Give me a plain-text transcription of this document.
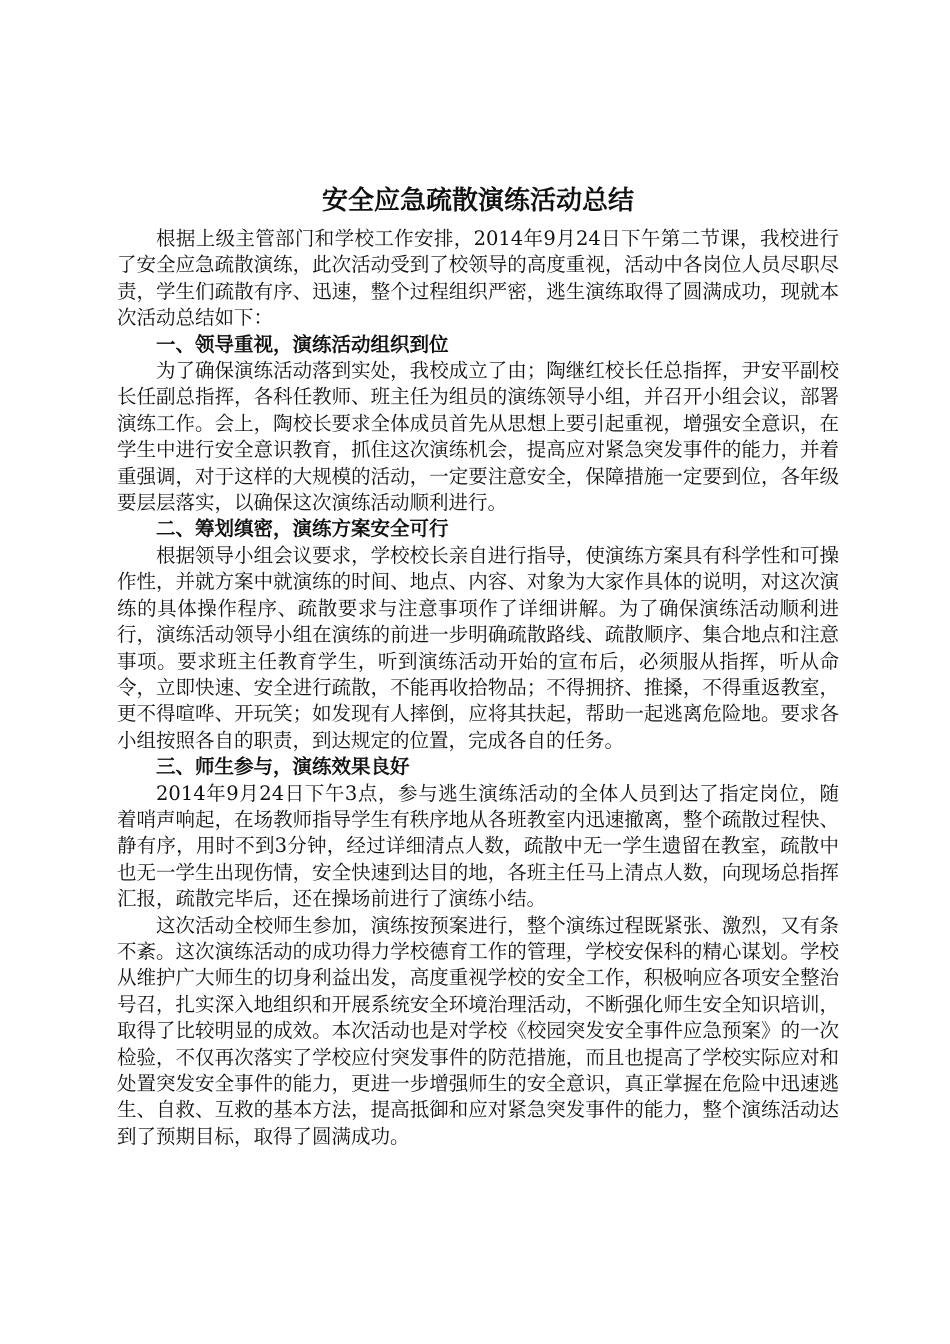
安全应急疏散演练活动总结

根据上级主管部门和学校工作安排，2014年9月24日下午第二节课，我校进行了安全应急疏散演练，此次活动受到了校领导的高度重视，活动中各岗位人员尽职尽责，学生们疏散有序、迅速，整个过程组织严密，逃生演练取得了圆满成功，现就本次活动总结如下：

一、领导重视，演练活动组织到位

为了确保演练活动落到实处，我校成立了由；陶继红校长任总指挥，尹安平副校长任副总指挥，各科任教师、班主任为组员的演练领导小组，并召开小组会议，部署演练工作。会上，陶校长要求全体成员首先从思想上要引起重视，增强安全意识，在学生中进行安全意识教育，抓住这次演练机会，提高应对紧急突发事件的能力，并着重强调，对于这样的大规模的活动，一定要注意安全，保障措施一定要到位，各年级要层层落实，以确保这次演练活动顺利进行。

二、筹划缜密，演练方案安全可行

根据领导小组会议要求，学校校长亲自进行指导，使演练方案具有科学性和可操作性，并就方案中就演练的时间、地点、内容、对象为大家作具体的说明，对这次演练的具体操作程序、疏散要求与注意事项作了详细讲解。为了确保演练活动顺利进行，演练活动领导小组在演练的前进一步明确疏散路线、疏散顺序、集合地点和注意事项。要求班主任教育学生，听到演练活动开始的宣布后，必须服从指挥，听从命令，立即快速、安全进行疏散，不能再收拾物品；不得拥挤、推搡，不得重返教室，更不得喧哗、开玩笑；如发现有人摔倒，应将其扶起，帮助一起逃离危险地。要求各小组按照各自的职责，到达规定的位置，完成各自的任务。

三、师生参与，演练效果良好

2014年9月24日下午3点，参与逃生演练活动的全体人员到达了指定岗位，随着哨声响起，在场教师指导学生有秩序地从各班教室内迅速撤离，整个疏散过程快、静有序，用时不到3分钟，经过详细清点人数，疏散中无一学生遗留在教室，疏散中也无一学生出现伤情，安全快速到达目的地，各班主任马上清点人数，向现场总指挥汇报，疏散完毕后，还在操场前进行了演练小结。

这次活动全校师生参加，演练按预案进行，整个演练过程既紧张、激烈，又有条不紊。这次演练活动的成功得力学校德育工作的管理，学校安保科的精心谋划。学校从维护广大师生的切身利益出发，高度重视学校的安全工作，积极响应各项安全整治号召，扎实深入地组织和开展系统安全环境治理活动，不断强化师生安全知识培训，取得了比较明显的成效。本次活动也是对学校《校园突发安全事件应急预案》的一次检验，不仅再次落实了学校应付突发事件的防范措施，而且也提高了学校实际应对和处置突发安全事件的能力，更进一步增强师生的安全意识，真正掌握在危险中迅速逃生、自救、互救的基本方法，提高抵御和应对紧急突发事件的能力，整个演练活动达到了预期目标，取得了圆满成功。
